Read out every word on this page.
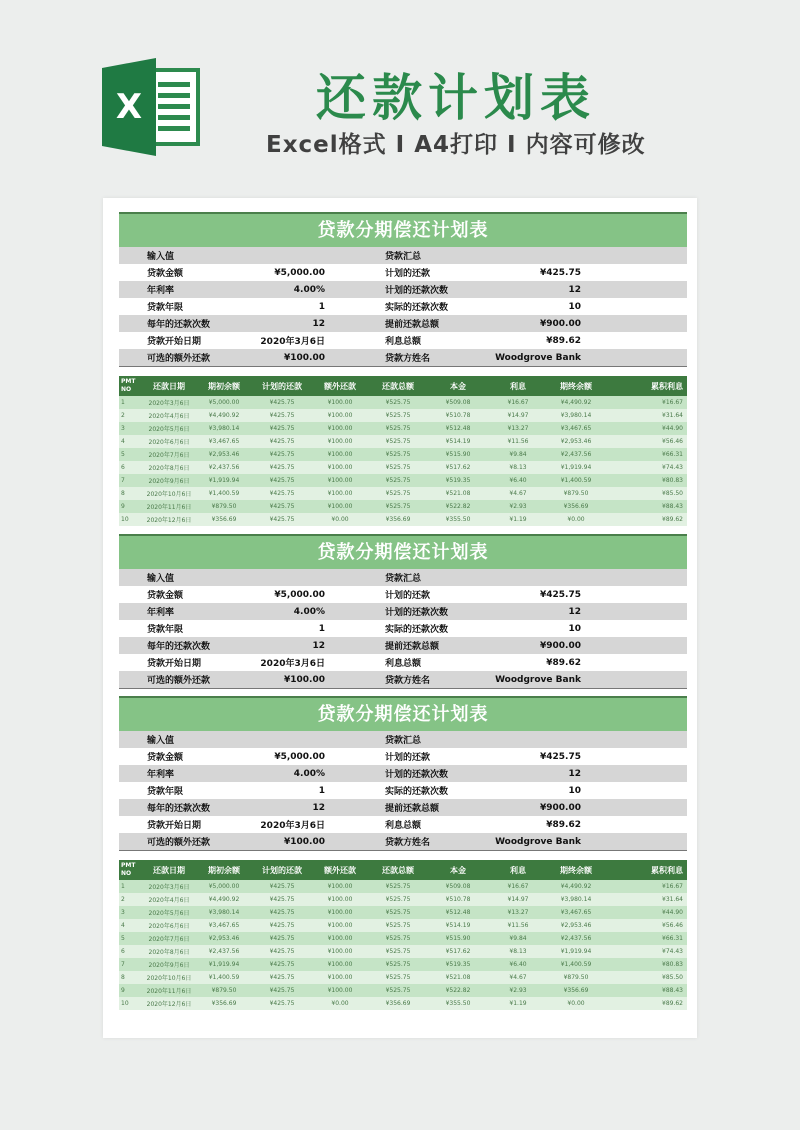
X	还款计划表
Excel格式 I A4打印 I 内容可修改
贷款分期偿还计划表
输入值	贷款汇总
贷款金额	¥5,000.00	计划的还款	¥425.75
年利率	4.00%	计划的还款次数	12
贷款年限	1	实际的还款次数	10
每年的还款次数	12	提前还款总额	¥900.00
贷款开始日期	2020年3月6日	利息总额	¥89.62
可选的额外还款	¥100.00	贷款方姓名	Woodgrove Bank
PMT NO	还款日期	期初余额	计划的还款	额外还款	还款总额	本金	利息	期终余额	累积利息
1	2020年3月6日	¥5,000.00	¥425.75	¥100.00	¥525.75	¥509.08	¥16.67	¥4,490.92	¥16.67
2	2020年4月6日	¥4,490.92	¥425.75	¥100.00	¥525.75	¥510.78	¥14.97	¥3,980.14	¥31.64
3	2020年5月6日	¥3,980.14	¥425.75	¥100.00	¥525.75	¥512.48	¥13.27	¥3,467.65	¥44.90
4	2020年6月6日	¥3,467.65	¥425.75	¥100.00	¥525.75	¥514.19	¥11.56	¥2,953.46	¥56.46
5	2020年7月6日	¥2,953.46	¥425.75	¥100.00	¥525.75	¥515.90	¥9.84	¥2,437.56	¥66.31
6	2020年8月6日	¥2,437.56	¥425.75	¥100.00	¥525.75	¥517.62	¥8.13	¥1,919.94	¥74.43
7	2020年9月6日	¥1,919.94	¥425.75	¥100.00	¥525.75	¥519.35	¥6.40	¥1,400.59	¥80.83
8	2020年10月6日	¥1,400.59	¥425.75	¥100.00	¥525.75	¥521.08	¥4.67	¥879.50	¥85.50
9	2020年11月6日	¥879.50	¥425.75	¥100.00	¥525.75	¥522.82	¥2.93	¥356.69	¥88.43
10	2020年12月6日	¥356.69	¥425.75	¥0.00	¥356.69	¥355.50	¥1.19	¥0.00	¥89.62
贷款分期偿还计划表
输入值	贷款汇总
贷款金额	¥5,000.00	计划的还款	¥425.75
年利率	4.00%	计划的还款次数	12
贷款年限	1	实际的还款次数	10
每年的还款次数	12	提前还款总额	¥900.00
贷款开始日期	2020年3月6日	利息总额	¥89.62
可选的额外还款	¥100.00	贷款方姓名	Woodgrove Bank
贷款分期偿还计划表
输入值	贷款汇总
贷款金额	¥5,000.00	计划的还款	¥425.75
年利率	4.00%	计划的还款次数	12
贷款年限	1	实际的还款次数	10
每年的还款次数	12	提前还款总额	¥900.00
贷款开始日期	2020年3月6日	利息总额	¥89.62
可选的额外还款	¥100.00	贷款方姓名	Woodgrove Bank
PMT NO	还款日期	期初余额	计划的还款	额外还款	还款总额	本金	利息	期终余额	累积利息
1	2020年3月6日	¥5,000.00	¥425.75	¥100.00	¥525.75	¥509.08	¥16.67	¥4,490.92	¥16.67
2	2020年4月6日	¥4,490.92	¥425.75	¥100.00	¥525.75	¥510.78	¥14.97	¥3,980.14	¥31.64
3	2020年5月6日	¥3,980.14	¥425.75	¥100.00	¥525.75	¥512.48	¥13.27	¥3,467.65	¥44.90
4	2020年6月6日	¥3,467.65	¥425.75	¥100.00	¥525.75	¥514.19	¥11.56	¥2,953.46	¥56.46
5	2020年7月6日	¥2,953.46	¥425.75	¥100.00	¥525.75	¥515.90	¥9.84	¥2,437.56	¥66.31
6	2020年8月6日	¥2,437.56	¥425.75	¥100.00	¥525.75	¥517.62	¥8.13	¥1,919.94	¥74.43
7	2020年9月6日	¥1,919.94	¥425.75	¥100.00	¥525.75	¥519.35	¥6.40	¥1,400.59	¥80.83
8	2020年10月6日	¥1,400.59	¥425.75	¥100.00	¥525.75	¥521.08	¥4.67	¥879.50	¥85.50
9	2020年11月6日	¥879.50	¥425.75	¥100.00	¥525.75	¥522.82	¥2.93	¥356.69	¥88.43
10	2020年12月6日	¥356.69	¥425.75	¥0.00	¥356.69	¥355.50	¥1.19	¥0.00	¥89.62
